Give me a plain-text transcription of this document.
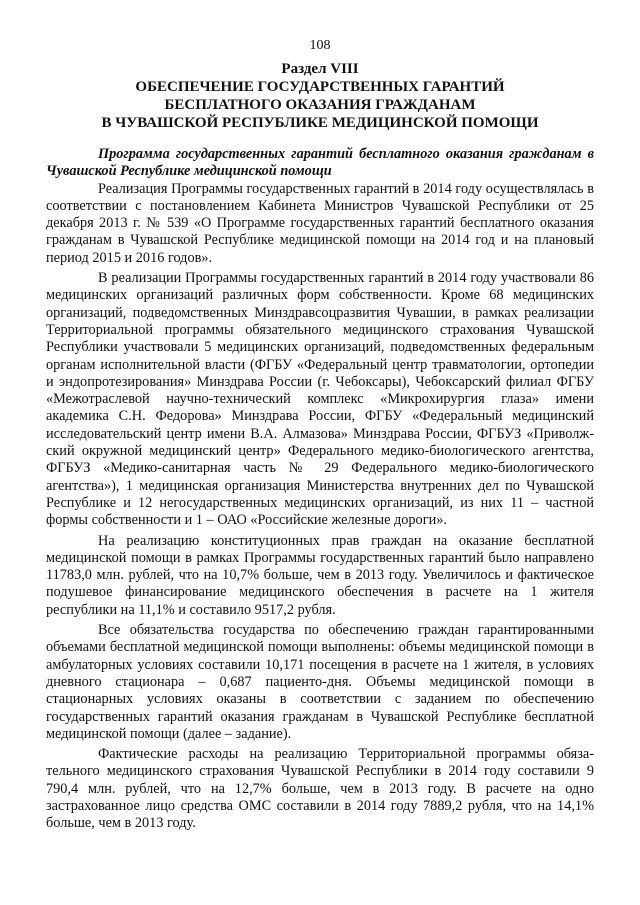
108
Раздел VIII
ОБЕСПЕЧЕНИЕ ГОСУДАРСТВЕННЫХ ГАРАНТИЙ
БЕСПЛАТНОГО ОКАЗАНИЯ ГРАЖДАНАМ
В ЧУВАШСКОЙ РЕСПУБЛИКЕ МЕДИЦИНСКОЙ ПОМОЩИ

Программа государственных гарантий бесплатного оказания гражданам в Чувашской Республике медицинской помощи

Реализация Программы государственных гарантий в 2014 году осуществлялась в соответствии с постановлением Кабинета Министров Чувашской Республики от 25 декабря 2013 г. № 539 «О Программе государственных гарантий бесплатного оказания гражданам в Чувашской Республике медицинской помощи на 2014 год и на плановый период 2015 и 2016 годов».

В реализации Программы государственных гарантий в 2014 году участвовали 86 медицинских организаций различных форм собственности. Кроме 68 медицинских организаций, подведомственных Минздравсоцразвития Чувашии, в рамках реализации Территориальной программы обязательного медицинского страхования Чувашской Республики участвовали 5 медицинских организаций, подведомственных федеральным органам исполнительной власти (ФГБУ «Федеральный центр травматологии, ортопедии и эндопротезирования» Минздрава России (г. Чебоксары), Чебоксарский филиал ФГБУ «Межотраслевой научно-технический комплекс «Микрохирургия глаза» имени академика С.Н. Федорова» Минздрава России, ФГБУ «Федеральный медицинский исследовательский центр имени В.А. Алмазова» Минздрава России, ФГБУЗ «Приволжский окружной медицинский центр» Федерального медико-биологического агентства, ФГБУЗ «Медико-санитарная часть № 29 Федерального медико-биологического агентства»), 1 медицинская организация Министерства внутренних дел по Чувашской Республике и 12 негосударственных медицинских организаций, из них 11 – частной формы собственности и 1 – ОАО «Российские железные дороги».

На реализацию конституционных прав граждан на оказание бесплатной медицинской помощи в рамках Программы государственных гарантий было направлено 11783,0 млн. рублей, что на 10,7% больше, чем в 2013 году. Увеличилось и фактическое подушевое финансирование медицинского обеспечения в расчете на 1 жителя республики на 11,1% и составило 9517,2 рубля.

Все обязательства государства по обеспечению граждан гарантированными объемами бесплатной медицинской помощи выполнены: объемы медицинской помощи в амбулаторных условиях составили 10,171 посещения в расчете на 1 жителя, в условиях дневного стационара – 0,687 пациенто-дня. Объемы медицинской помощи в стационарных условиях оказаны в соответствии с заданием по обеспечению государственных гарантий оказания гражданам в Чувашской Республике бесплатной медицинской помощи (далее – задание).

Фактические расходы на реализацию Территориальной программы обязательного медицинского страхования Чувашской Республики в 2014 году составили 9 790,4 млн. рублей, что на 12,7% больше, чем в 2013 году. В расчете на одно застрахованное лицо средства ОМС составили в 2014 году 7889,2 рубля, что на 14,1% больше, чем в 2013 году.
